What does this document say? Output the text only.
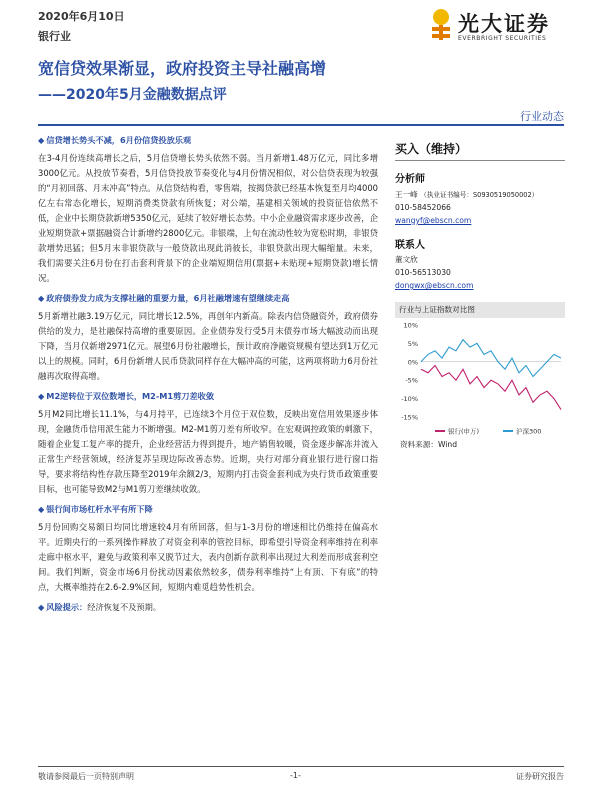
2020年6月10日
银行业
光大证券
EVERBRIGHT SECURITIES
宽信贷效果渐显，政府投资主导社融高增
——2020年5月金融数据点评
行业动态
◆ 信贷增长势头不减，6月份信贷投放乐观
在3-4月份连续高增长之后，5月信贷增长势头依然不弱。当月新增1.48万亿元，同比多增3000亿元。从投放节奏看，5月信贷投放节奏变化与4月份情况相似，对公信贷表现为较强的“月初回落、月末冲高”特点。从信贷结构看，零售端，按揭贷款已经基本恢复至月均4000亿左右常态化增长，短期消费类贷款有所恢复；对公端，基建相关领域的投资征信依然不低，企业中长期贷款新增5350亿元，延续了较好增长态势。中小企业融资需求逐步改善，企业短期贷款+票据融资合计新增约2800亿元。非银端，上旬在流动性较为宽松时期，非银贷款增势迅猛；但5月末非银贷款与一般贷款出现此消彼长，非银贷款出现大幅缩量。未来，我们需要关注6月份在打击套利背景下的企业端短期信用(票据+未贴现+短期贷款)增长情况。
◆ 政府债券发力成为支撑社融的重要力量，6月社融增速有望继续走高
5月新增社融3.19万亿元，同比增长12.5%，再创年内新高。除表内信贷融资外，政府债券供给的发力，是社融保持高增的重要原因。企业债券发行受5月末债券市场大幅波动而出现下降，当月仅新增2971亿元。展望6月份社融增长，预计政府净融资规模有望达到1万亿元以上的规模。同时，6月份新增人民币贷款同样存在大幅冲高的可能，这两项将助力6月份社融再次取得高增。
◆ M2逆转位于双位数增长，M2-M1剪刀差收敛
5月M2同比增长11.1%，与4月持平，已连续3个月位于双位数，反映出宽信用效果逐步体现，金融货币信用派生能力不断增强。M2-M1剪刀差有所收窄。在宏观调控政策的刺激下，随着企业复工复产率的提升，企业经营活力得到提升，地产销售较暖，资金逐步解冻并流入正常生产经营领域，经济复苏呈现边际改善态势。近期，央行对部分商业银行进行窗口指导，要求将结构性存款压降至2019年余额2/3，短期内打击资金套利成为央行货币政策重要目标，也可能导致M2与M1剪刀差继续收敛。
◆ 银行间市场杠杆水平有所下降
5月份回购交易额日均同比增速较4月有所回落，但与1-3月份的增速相比仍维持在偏高水平。近期央行的一系列操作释放了对资金利率的管控目标，即希望引导资金利率维持在利率走廊中枢水平，避免与政策利率又脱节过大，表内创新存款利率出现过大利差而形成套利空间。我们判断，资金市场6月份扰动因素依然较多，债券利率维持“上有顶、下有底”的特点，大概率维持在2.6-2.9%区间，短期内难觅趋势性机会。
◆ 风险提示：经济恢复不及预期。
买入（维持）
分析师
王一峰 （执业证书编号：S0930519050002）
010-58452066
wangyf@ebscn.com
联系人
董文欣
010-56513030
dongwx@ebscn.com
行业与上证指数对比图
10%
5%
0%
-5%
-10%
-15%
银行(申万)	沪深300
资料来源：Wind
敬请参阅最后一页特别声明	-1-	证券研究报告
